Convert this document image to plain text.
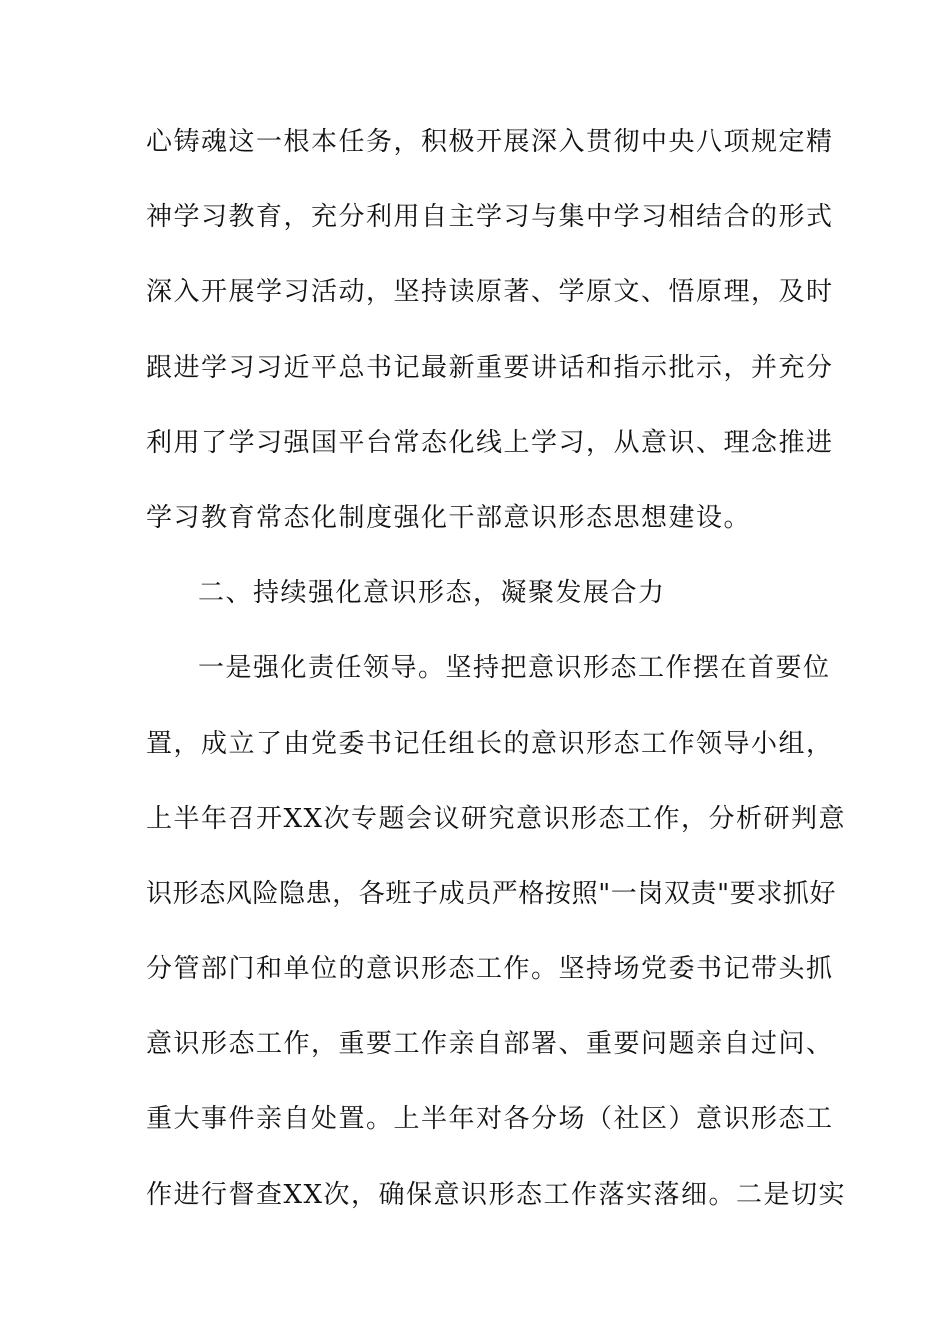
心铸魂这一根本任务，积极开展深入贯彻中央八项规定精
神学习教育，充分利用自主学习与集中学习相结合的形式
深入开展学习活动，坚持读原著、学原文、悟原理，及时
跟进学习习近平总书记最新重要讲话和指示批示，并充分
利用了学习强国平台常态化线上学习，从意识、理念推进
学习教育常态化制度强化干部意识形态思想建设。
二、持续强化意识形态，凝聚发展合力
一是强化责任领导。坚持把意识形态工作摆在首要位
置，成立了由党委书记任组长的意识形态工作领导小组，
上半年召开XX次专题会议研究意识形态工作，分析研判意
识形态风险隐患，各班子成员严格按照"一岗双责"要求抓好
分管部门和单位的意识形态工作。坚持场党委书记带头抓
意识形态工作，重要工作亲自部署、重要问题亲自过问、
重大事件亲自处置。上半年对各分场（社区）意识形态工
作进行督查XX次，确保意识形态工作落实落细。二是切实
